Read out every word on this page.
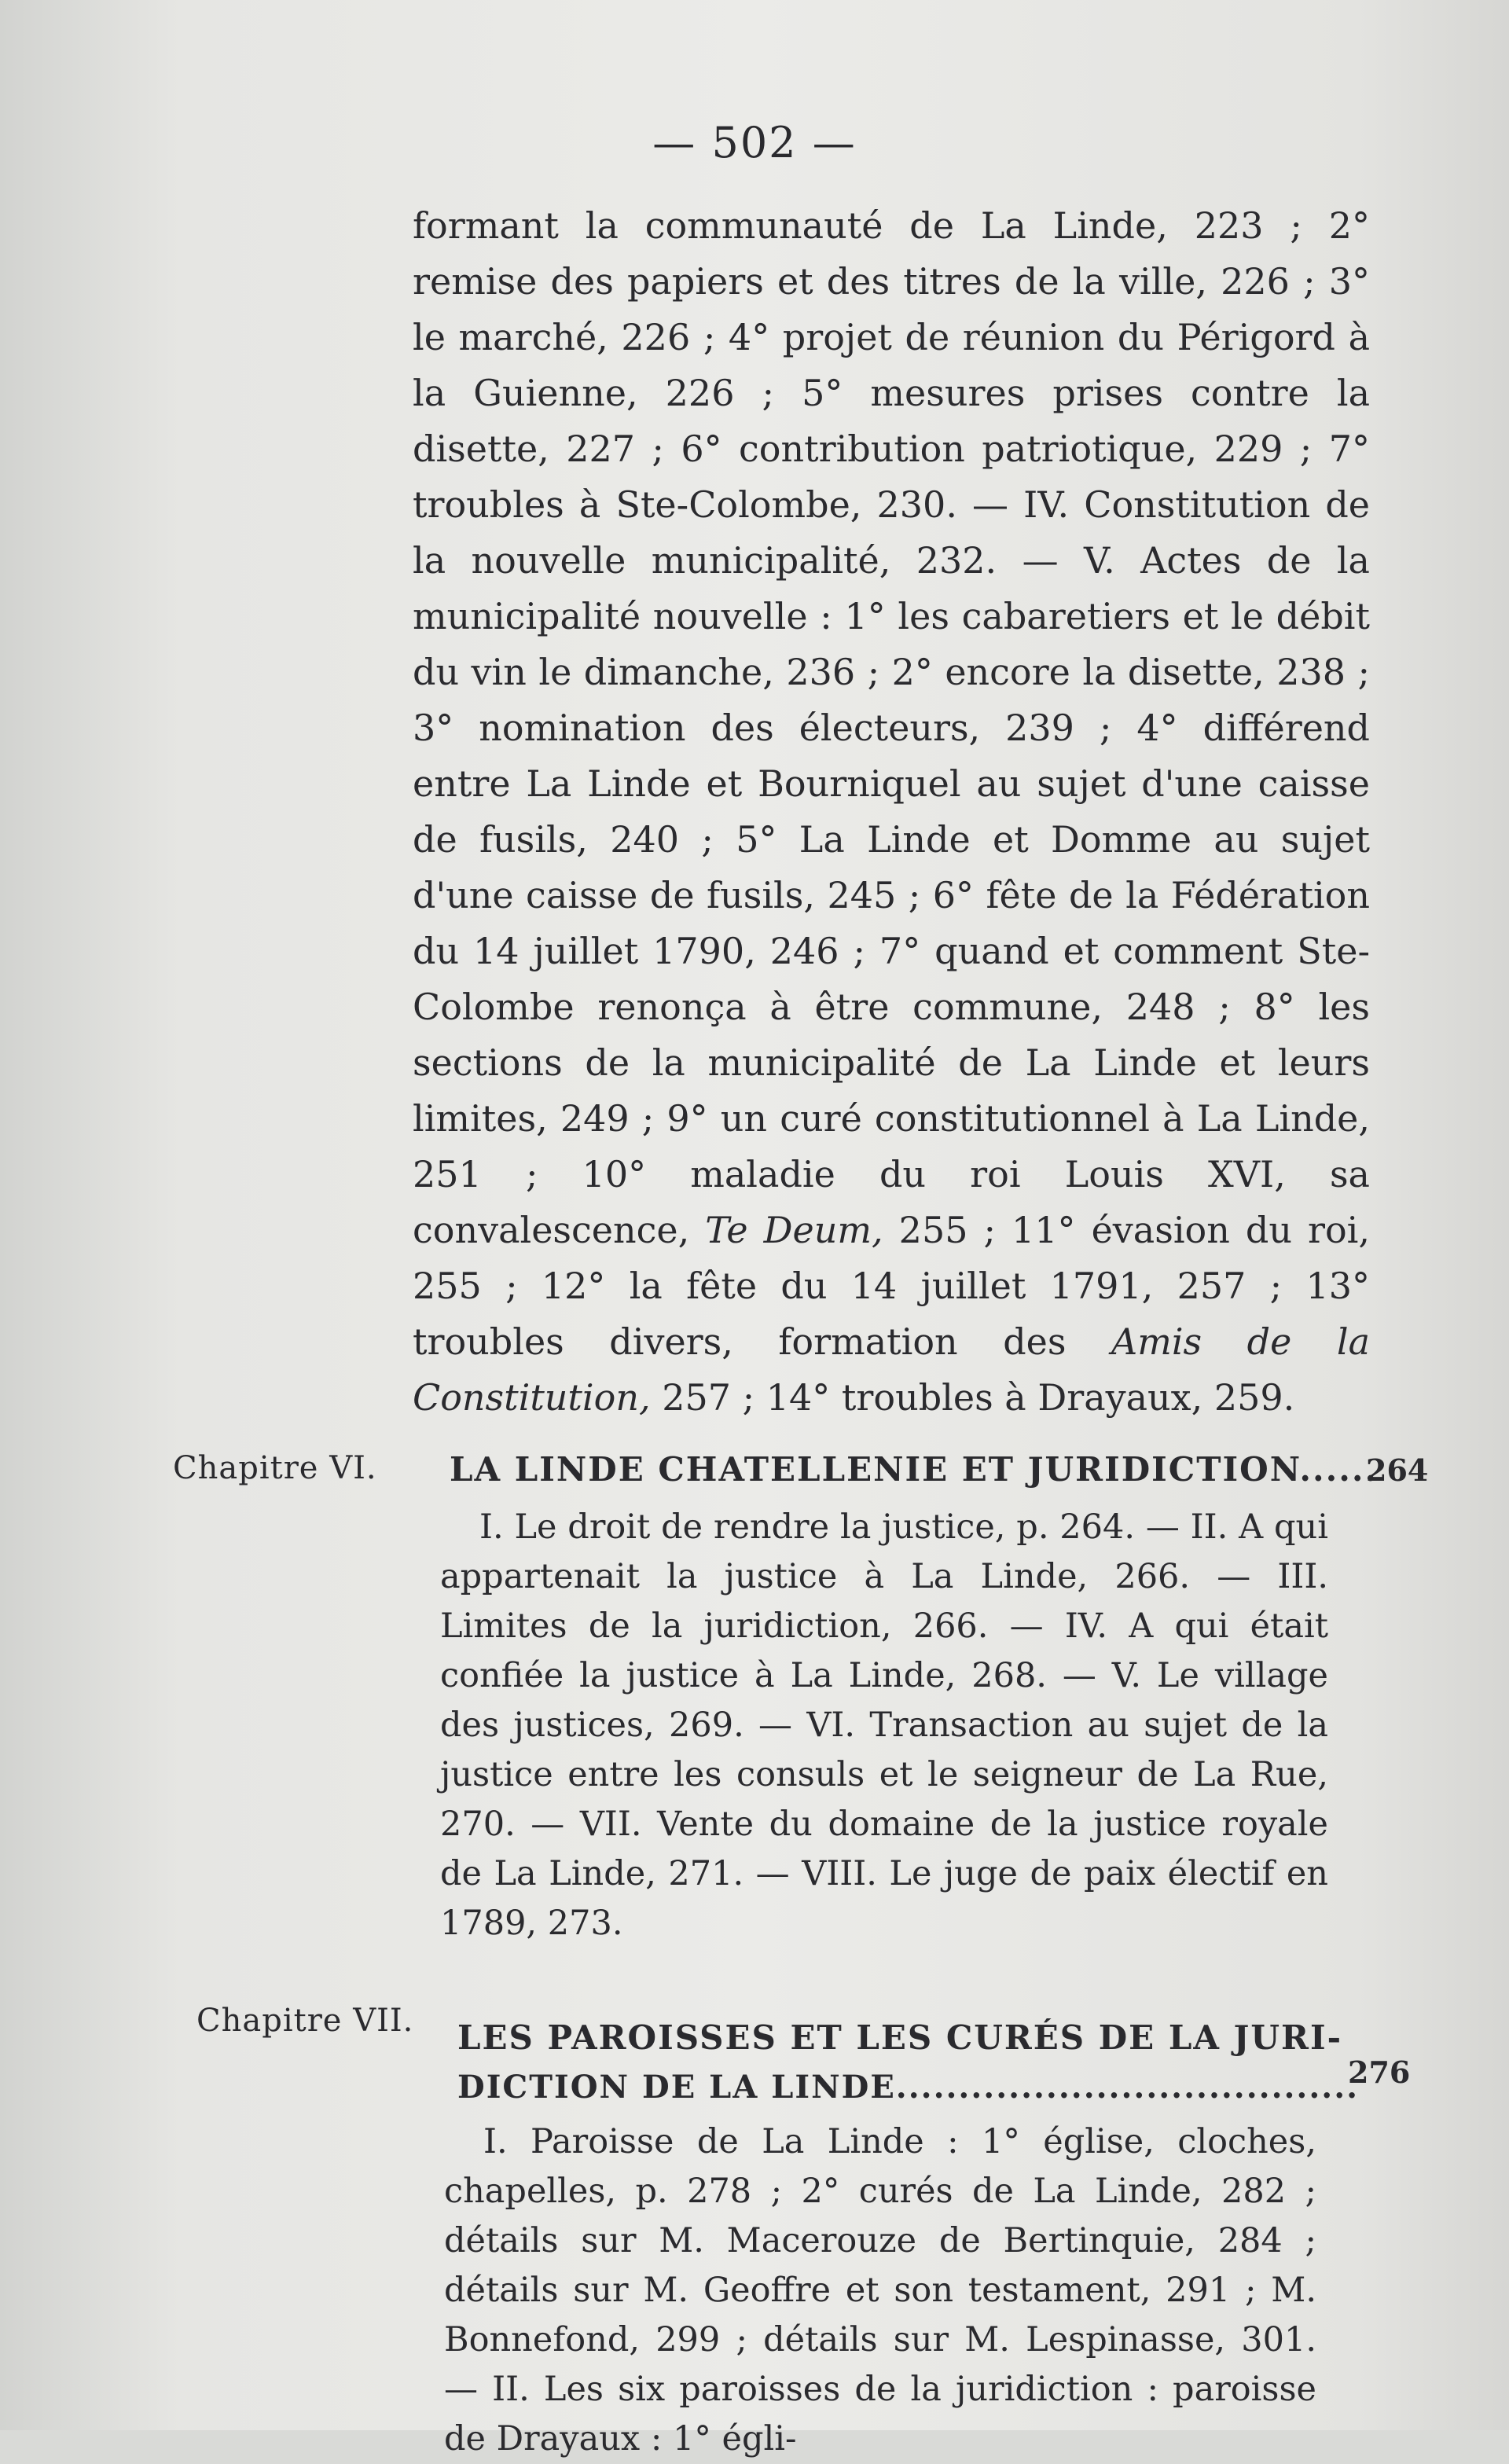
— 502 —

formant la communauté de La Linde, 223 ; 2° remise des papiers et des titres de la ville, 226 ; 3° le marché, 226 ; 4° projet de réunion du Périgord à la Guienne, 226 ; 5° mesures prises contre la disette, 227 ; 6° contribution patriotique, 229 ; 7° troubles à Ste-Colombe, 230. — IV. Constitution de la nouvelle municipalité, 232. — V. Actes de la municipalité nouvelle : 1° les cabaretiers et le débit du vin le dimanche, 236 ; 2° encore la disette, 238 ; 3° nomination des électeurs, 239 ; 4° différend entre La Linde et Bourniquel au sujet d'une caisse de fusils, 240 ; 5° La Linde et Domme au sujet d'une caisse de fusils, 245 ; 6° fête de la Fédération du 14 juillet 1790, 246 ; 7° quand et comment Ste-Colombe renonça à être commune, 248 ; 8° les sections de la municipalité de La Linde et leurs limites, 249 ; 9° un curé constitutionnel à La Linde, 251 ; 10° maladie du roi Louis XVI, sa convalescence, Te Deum, 255 ; 11° évasion du roi, 255 ; 12° la fête du 14 juillet 1791, 257 ; 13° troubles divers, formation des Amis de la Constitution, 257 ; 14° troubles à Drayaux, 259.

Chapitre VI. LA LINDE CHATELLENIE ET JURIDICTION......
264

I. Le droit de rendre la justice, p. 264. — II. A qui appartenait la justice à La Linde, 266. — III. Limites de la juridiction, 266. — IV. A qui était confiée la justice à La Linde, 268. — V. Le village des justices, 269. — VI. Transaction au sujet de la justice entre les consuls et le seigneur de La Rue, 270. — VII. Vente du domaine de la justice royale de La Linde, 271. — VIII. Le juge de paix électif en 1789, 273.

Chapitre VII. LES PAROISSES ET LES CURÉS DE LA JURI-
DICTION DE LA LINDE.....................................
276

I. Paroisse de La Linde : 1° église, cloches, chapelles, p. 278 ; 2° curés de La Linde, 282 ; détails sur M. Macerouze de Bertinquie, 284 ; détails sur M. Geoffre et son testament, 291 ; M. Bonnefond, 299 ; détails sur M. Lespinasse, 301. — II. Les six paroisses de la juridiction : paroisse de Drayaux : 1° égli-
